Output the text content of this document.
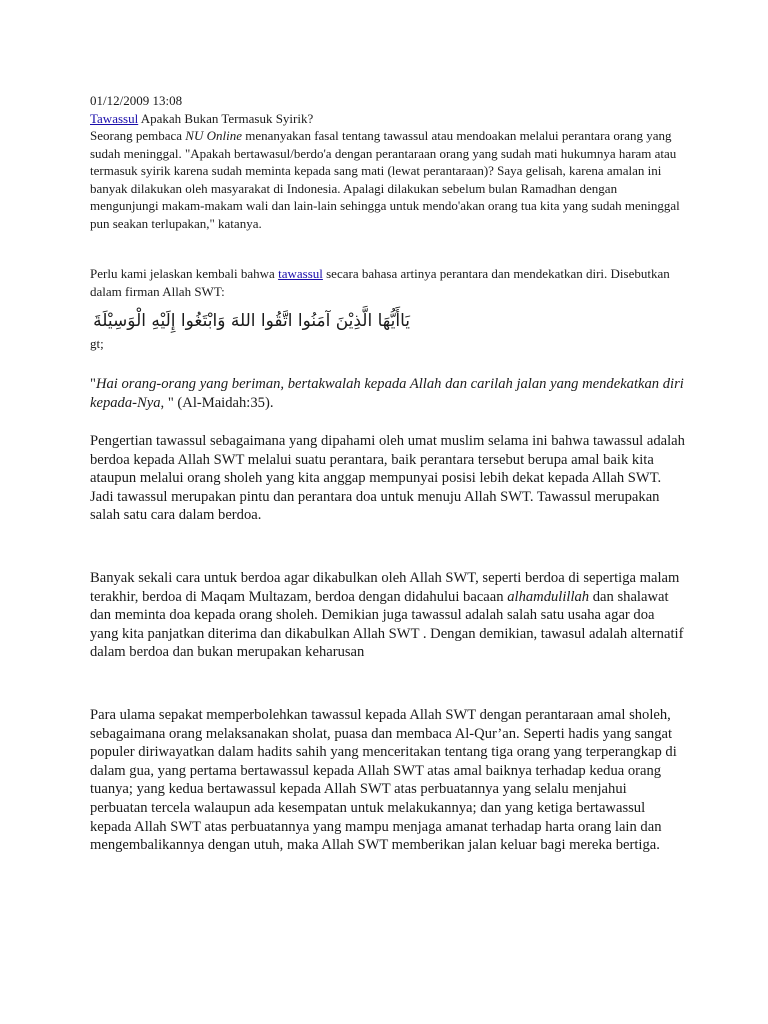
01/12/2009 13:08
Tawassul Apakah Bukan Termasuk Syirik?

Seorang pembaca NU Online menanyakan fasal tentang tawassul atau mendoakan melalui perantara orang yang sudah meninggal. "Apakah bertawasul/berdo'a dengan perantaraan orang yang sudah mati hukumnya haram atau termasuk syirik karena sudah meminta kepada sang mati (lewat perantaraan)? Saya gelisah, karena amalan ini banyak dilakukan oleh masyarakat di Indonesia. Apalagi dilakukan sebelum bulan Ramadhan dengan mengunjungi makam-makam wali dan lain-lain sehingga untuk mendo'akan orang tua kita yang sudah meninggal pun seakan terlupakan," katanya.

Perlu kami jelaskan kembali bahwa tawassul secara bahasa artinya perantara dan mendekatkan diri. Disebutkan dalam firman Allah SWT:

يَاأَيُّهَا الَّذِيْنَ آمَنُوا اتَّقُوا اللهَ وَابْتَغُوا إِلَيْهِ الْوَسِيْلَةَ

gt;

"Hai orang-orang yang beriman, bertakwalah kepada Allah dan carilah jalan yang mendekatkan diri kepada-Nya, " (Al-Maidah:35).

Pengertian tawassul sebagaimana yang dipahami oleh umat muslim selama ini bahwa tawassul adalah berdoa kepada Allah SWT melalui suatu perantara, baik perantara tersebut berupa amal baik kita ataupun melalui orang sholeh yang kita anggap mempunyai posisi lebih dekat kepada Allah SWT. Jadi tawassul merupakan pintu dan perantara doa untuk menuju Allah SWT. Tawassul merupakan salah satu cara dalam berdoa.

Banyak sekali cara untuk berdoa agar dikabulkan oleh Allah SWT, seperti berdoa di sepertiga malam terakhir, berdoa di Maqam Multazam, berdoa dengan didahului bacaan alhamdulillah dan shalawat dan meminta doa kepada orang sholeh. Demikian juga tawassul adalah salah satu usaha agar doa yang kita panjatkan diterima dan dikabulkan Allah SWT . Dengan demikian, tawasul adalah alternatif dalam berdoa dan bukan merupakan keharusan

Para ulama sepakat memperbolehkan tawassul kepada Allah SWT dengan perantaraan amal sholeh, sebagaimana orang melaksanakan sholat, puasa dan membaca Al-Qur’an. Seperti hadis yang sangat populer diriwayatkan dalam hadits sahih yang menceritakan tentang tiga orang yang terperangkap di dalam gua, yang pertama bertawassul kepada Allah SWT atas amal baiknya terhadap kedua orang tuanya; yang kedua bertawassul kepada Allah SWT atas perbuatannya yang selalu menjahui perbuatan tercela walaupun ada kesempatan untuk melakukannya; dan yang ketiga bertawassul kepada Allah SWT atas perbuatannya yang mampu menjaga amanat terhadap harta orang lain dan mengembalikannya dengan utuh, maka Allah SWT memberikan jalan keluar bagi mereka bertiga.
